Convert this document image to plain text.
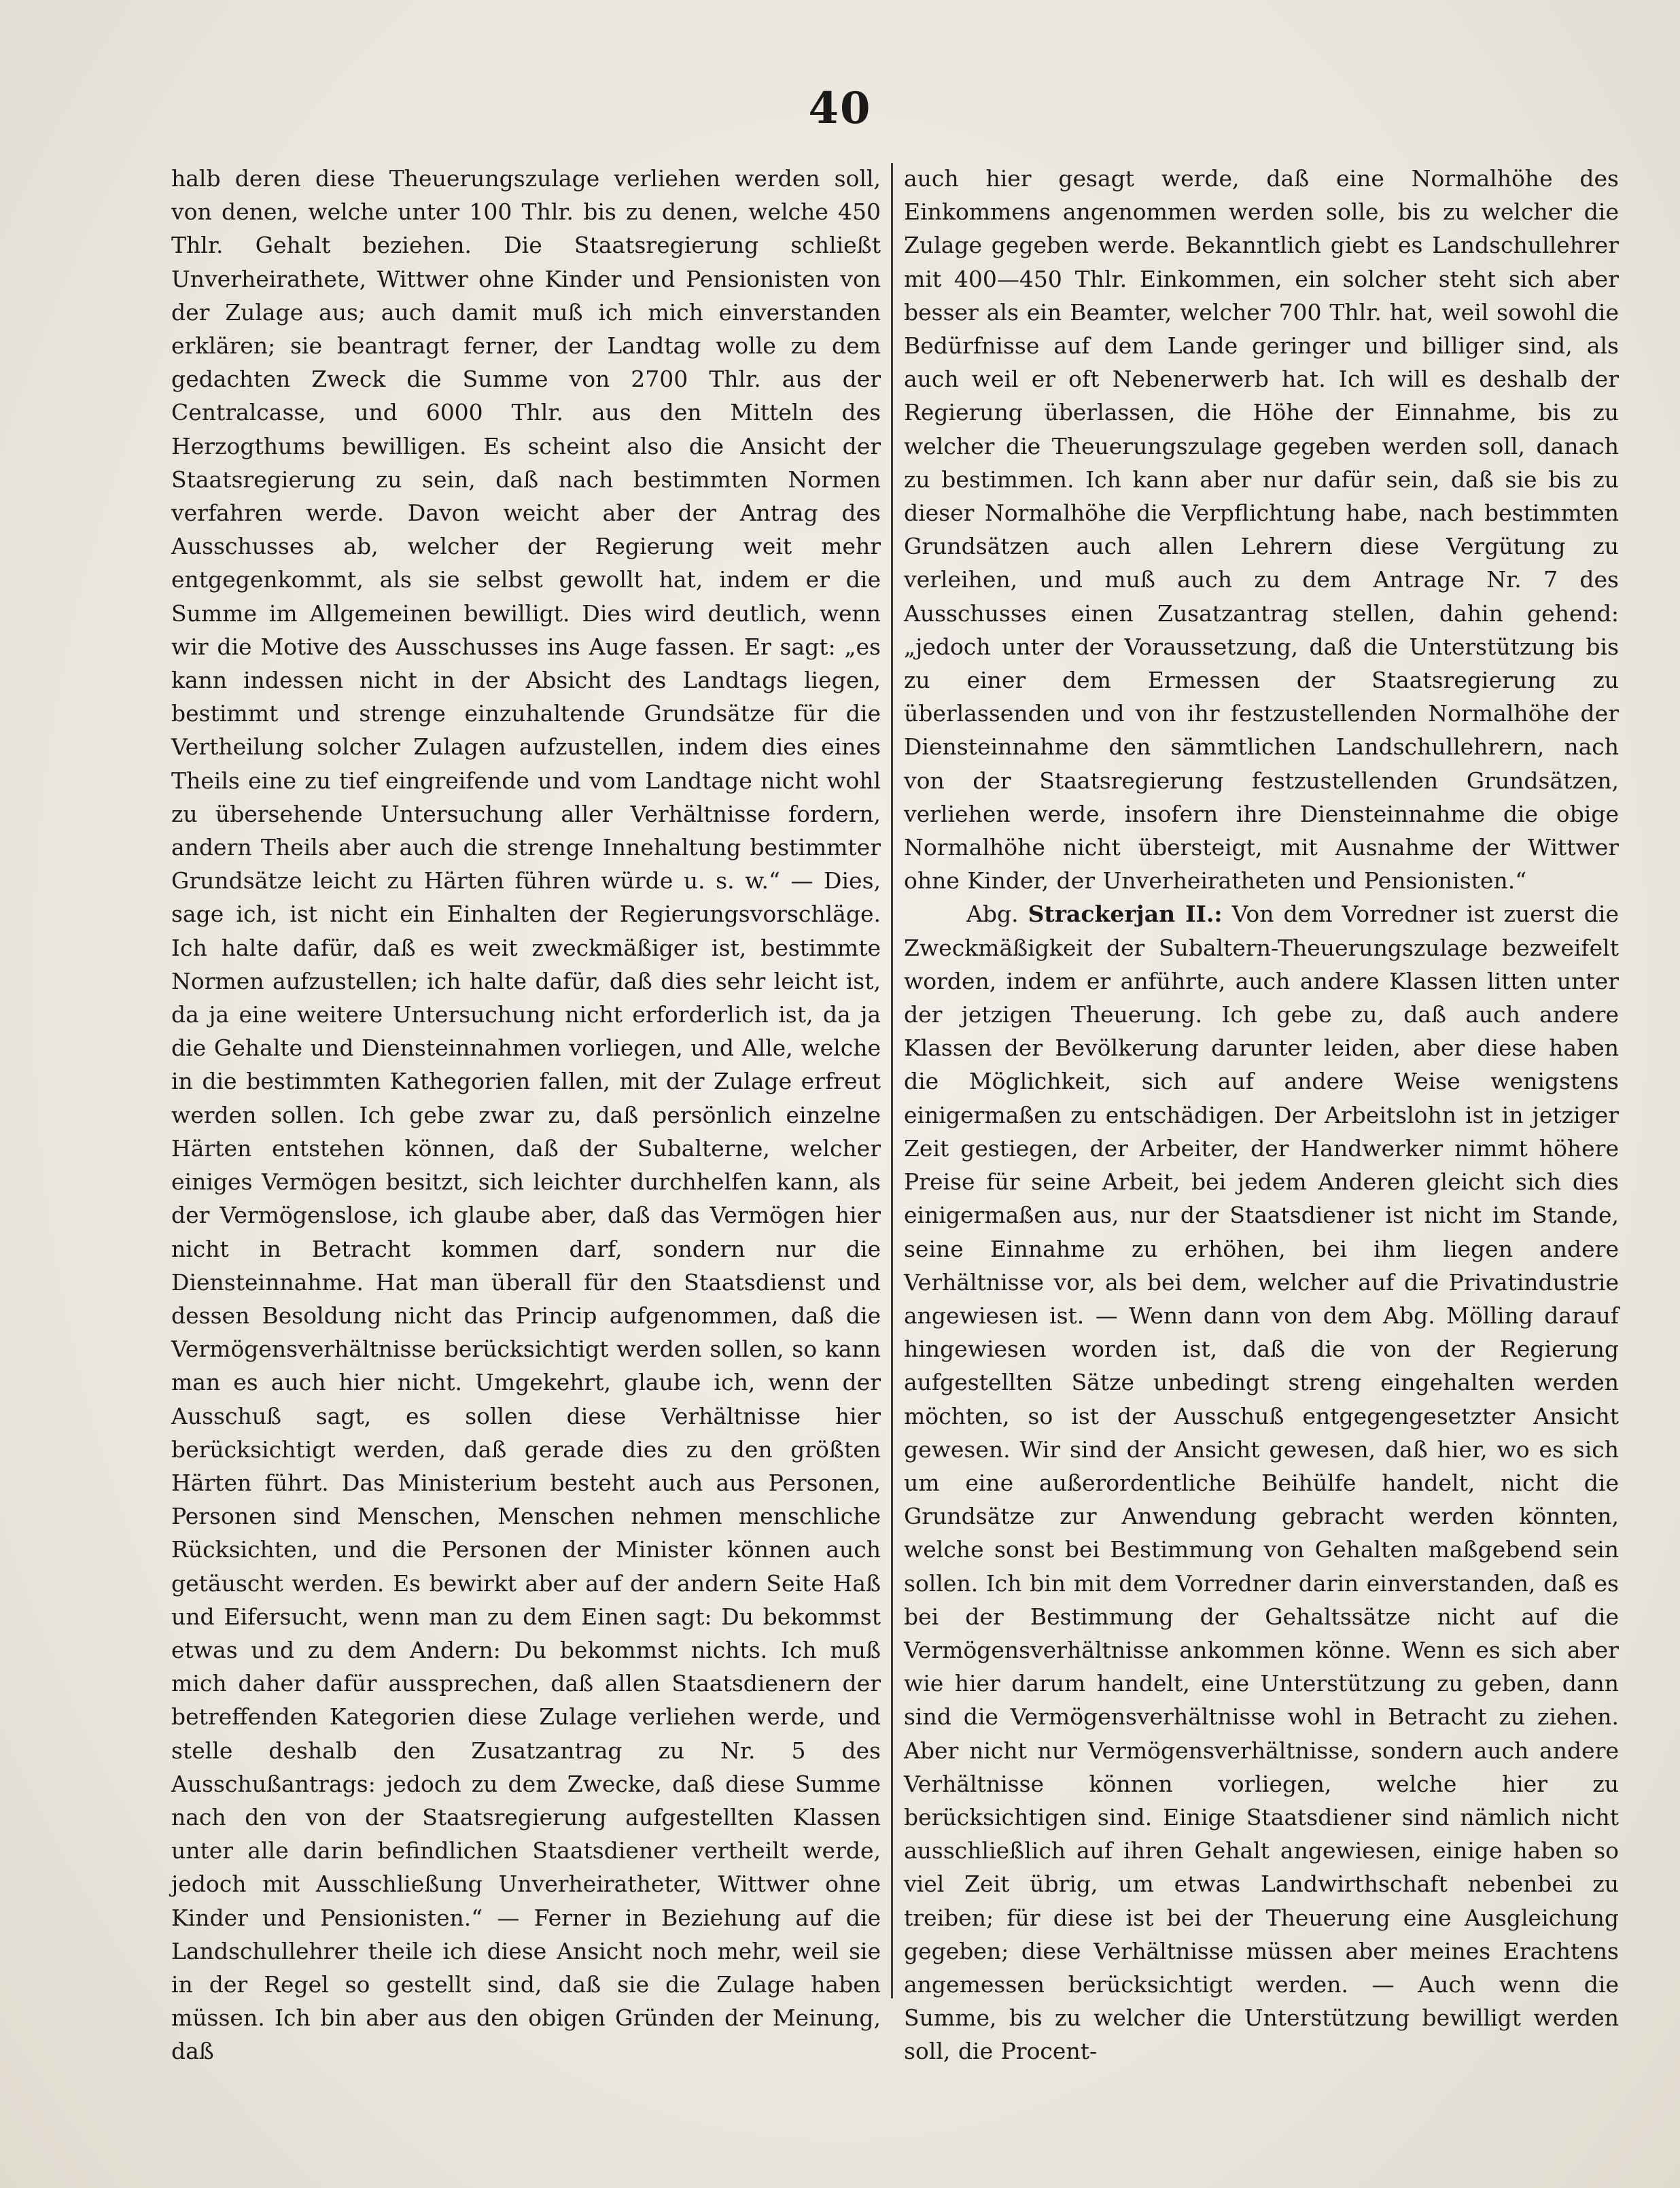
40

halb deren diese Theuerungszulage verliehen werden soll, von denen, welche unter 100 Thlr. bis zu denen, welche 450 Thlr. Gehalt beziehen. Die Staatsregierung schließt Unverheirathete, Wittwer ohne Kinder und Pensionisten von der Zulage aus; auch damit muß ich mich einverstanden erklären; sie beantragt ferner, der Landtag wolle zu dem gedachten Zweck die Summe von 2700 Thlr. aus der Centralcasse, und 6000 Thlr. aus den Mitteln des Herzogthums bewilligen. Es scheint also die Ansicht der Staatsregierung zu sein, daß nach bestimmten Normen verfahren werde. Davon weicht aber der Antrag des Ausschusses ab, welcher der Regierung weit mehr entgegenkommt, als sie selbst gewollt hat, indem er die Summe im Allgemeinen bewilligt. Dies wird deutlich, wenn wir die Motive des Ausschusses ins Auge fassen. Er sagt: „es kann indessen nicht in der Absicht des Landtags liegen, bestimmt und strenge einzuhaltende Grundsätze für die Vertheilung solcher Zulagen aufzustellen, indem dies eines Theils eine zu tief eingreifende und vom Landtage nicht wohl zu übersehende Untersuchung aller Verhältnisse fordern, andern Theils aber auch die strenge Innehaltung bestimmter Grundsätze leicht zu Härten führen würde u. s. w.“ — Dies, sage ich, ist nicht ein Einhalten der Regierungsvorschläge. Ich halte dafür, daß es weit zweckmäßiger ist, bestimmte Normen aufzustellen; ich halte dafür, daß dies sehr leicht ist, da ja eine weitere Untersuchung nicht erforderlich ist, da ja die Gehalte und Diensteinnahmen vorliegen, und Alle, welche in die bestimmten Kathegorien fallen, mit der Zulage erfreut werden sollen. Ich gebe zwar zu, daß persönlich einzelne Härten entstehen können, daß der Subalterne, welcher einiges Vermögen besitzt, sich leichter durchhelfen kann, als der Vermögenslose, ich glaube aber, daß das Vermögen hier nicht in Betracht kommen darf, sondern nur die Diensteinnahme. Hat man überall für den Staatsdienst und dessen Besoldung nicht das Princip aufgenommen, daß die Vermögensverhältnisse berücksichtigt werden sollen, so kann man es auch hier nicht. Umgekehrt, glaube ich, wenn der Ausschuß sagt, es sollen diese Verhältnisse hier berücksichtigt werden, daß gerade dies zu den größten Härten führt. Das Ministerium besteht auch aus Personen, Personen sind Menschen, Menschen nehmen menschliche Rücksichten, und die Personen der Minister können auch getäuscht werden. Es bewirkt aber auf der andern Seite Haß und Eifersucht, wenn man zu dem Einen sagt: Du bekommst etwas und zu dem Andern: Du bekommst nichts. Ich muß mich daher dafür aussprechen, daß allen Staatsdienern der betreffenden Kategorien diese Zulage verliehen werde, und stelle deshalb den Zusatzantrag zu Nr. 5 des Ausschußantrags: jedoch zu dem Zwecke, daß diese Summe nach den von der Staatsregierung aufgestellten Klassen unter alle darin befindlichen Staatsdiener vertheilt werde, jedoch mit Ausschließung Unverheiratheter, Wittwer ohne Kinder und Pensionisten.“ — Ferner in Beziehung auf die Landschullehrer theile ich diese Ansicht noch mehr, weil sie in der Regel so gestellt sind, daß sie die Zulage haben müssen. Ich bin aber aus den obigen Gründen der Meinung, daß

auch hier gesagt werde, daß eine Normalhöhe des Einkommens angenommen werden solle, bis zu welcher die Zulage gegeben werde. Bekanntlich giebt es Landschullehrer mit 400—450 Thlr. Einkommen, ein solcher steht sich aber besser als ein Beamter, welcher 700 Thlr. hat, weil sowohl die Bedürfnisse auf dem Lande geringer und billiger sind, als auch weil er oft Nebenerwerb hat. Ich will es deshalb der Regierung überlassen, die Höhe der Einnahme, bis zu welcher die Theuerungszulage gegeben werden soll, danach zu bestimmen. Ich kann aber nur dafür sein, daß sie bis zu dieser Normalhöhe die Verpflichtung habe, nach bestimmten Grundsätzen auch allen Lehrern diese Vergütung zu verleihen, und muß auch zu dem Antrage Nr. 7 des Ausschusses einen Zusatzantrag stellen, dahin gehend: „jedoch unter der Voraussetzung, daß die Unterstützung bis zu einer dem Ermessen der Staatsregierung zu überlassenden und von ihr festzustellenden Normalhöhe der Diensteinnahme den sämmtlichen Landschullehrern, nach von der Staatsregierung festzustellenden Grundsätzen, verliehen werde, insofern ihre Diensteinnahme die obige Normalhöhe nicht übersteigt, mit Ausnahme der Wittwer ohne Kinder, der Unverheiratheten und Pensionisten.“

Abg. Strackerjan II.: Von dem Vorredner ist zuerst die Zweckmäßigkeit der Subaltern-Theuerungszulage bezweifelt worden, indem er anführte, auch andere Klassen litten unter der jetzigen Theuerung. Ich gebe zu, daß auch andere Klassen der Bevölkerung darunter leiden, aber diese haben die Möglichkeit, sich auf andere Weise wenigstens einigermaßen zu entschädigen. Der Arbeitslohn ist in jetziger Zeit gestiegen, der Arbeiter, der Handwerker nimmt höhere Preise für seine Arbeit, bei jedem Anderen gleicht sich dies einigermaßen aus, nur der Staatsdiener ist nicht im Stande, seine Einnahme zu erhöhen, bei ihm liegen andere Verhältnisse vor, als bei dem, welcher auf die Privatindustrie angewiesen ist. — Wenn dann von dem Abg. Mölling darauf hingewiesen worden ist, daß die von der Regierung aufgestellten Sätze unbedingt streng eingehalten werden möchten, so ist der Ausschuß entgegengesetzter Ansicht gewesen. Wir sind der Ansicht gewesen, daß hier, wo es sich um eine außerordentliche Beihülfe handelt, nicht die Grundsätze zur Anwendung gebracht werden könnten, welche sonst bei Bestimmung von Gehalten maßgebend sein sollen. Ich bin mit dem Vorredner darin einverstanden, daß es bei der Bestimmung der Gehaltssätze nicht auf die Vermögensverhältnisse ankommen könne. Wenn es sich aber wie hier darum handelt, eine Unterstützung zu geben, dann sind die Vermögensverhältnisse wohl in Betracht zu ziehen. Aber nicht nur Vermögensverhältnisse, sondern auch andere Verhältnisse können vorliegen, welche hier zu berücksichtigen sind. Einige Staatsdiener sind nämlich nicht ausschließlich auf ihren Gehalt angewiesen, einige haben so viel Zeit übrig, um etwas Landwirthschaft nebenbei zu treiben; für diese ist bei der Theuerung eine Ausgleichung gegeben; diese Verhältnisse müssen aber meines Erachtens angemessen berücksichtigt werden. — Auch wenn die Summe, bis zu welcher die Unterstützung bewilligt werden soll, die Procent-
